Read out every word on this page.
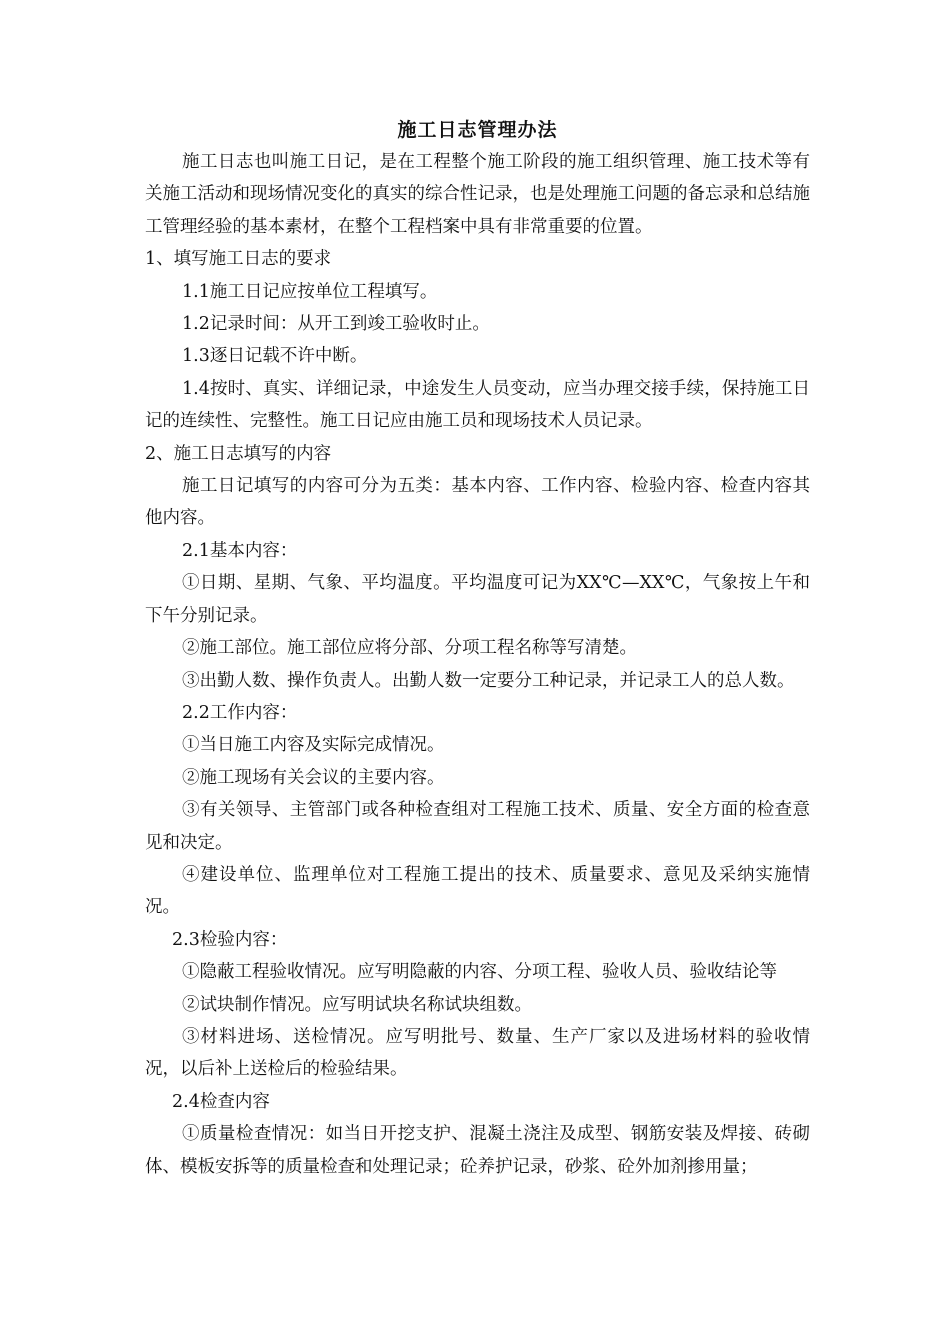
施工日志管理办法

施工日志也叫施工日记，是在工程整个施工阶段的施工组织管理、施工技术等有关施工活动和现场情况变化的真实的综合性记录，也是处理施工问题的备忘录和总结施工管理经验的基本素材，在整个工程档案中具有非常重要的位置。

1、填写施工日志的要求

1.1施工日记应按单位工程填写。

1.2记录时间：从开工到竣工验收时止。

1.3逐日记载不许中断。

1.4按时、真实、详细记录，中途发生人员变动，应当办理交接手续，保持施工日记的连续性、完整性。施工日记应由施工员和现场技术人员记录。

2、施工日志填写的内容

施工日记填写的内容可分为五类：基本内容、工作内容、检验内容、检查内容其他内容。

2.1基本内容：

①日期、星期、气象、平均温度。平均温度可记为XX℃—XX℃，气象按上午和下午分别记录。

②施工部位。施工部位应将分部、分项工程名称等写清楚。

③出勤人数、操作负责人。出勤人数一定要分工种记录，并记录工人的总人数。

2.2工作内容：

①当日施工内容及实际完成情况。

②施工现场有关会议的主要内容。

③有关领导、主管部门或各种检查组对工程施工技术、质量、安全方面的检查意见和决定。

④建设单位、监理单位对工程施工提出的技术、质量要求、意见及采纳实施情况。

2.3检验内容：

①隐蔽工程验收情况。应写明隐蔽的内容、分项工程、验收人员、验收结论等

②试块制作情况。应写明试块名称试块组数。

③材料进场、送检情况。应写明批号、数量、生产厂家以及进场材料的验收情况，以后补上送检后的检验结果。

2.4检查内容

①质量检查情况：如当日开挖支护、混凝土浇注及成型、钢筋安装及焊接、砖砌体、模板安拆等的质量检查和处理记录；砼养护记录，砂浆、砼外加剂掺用量；
